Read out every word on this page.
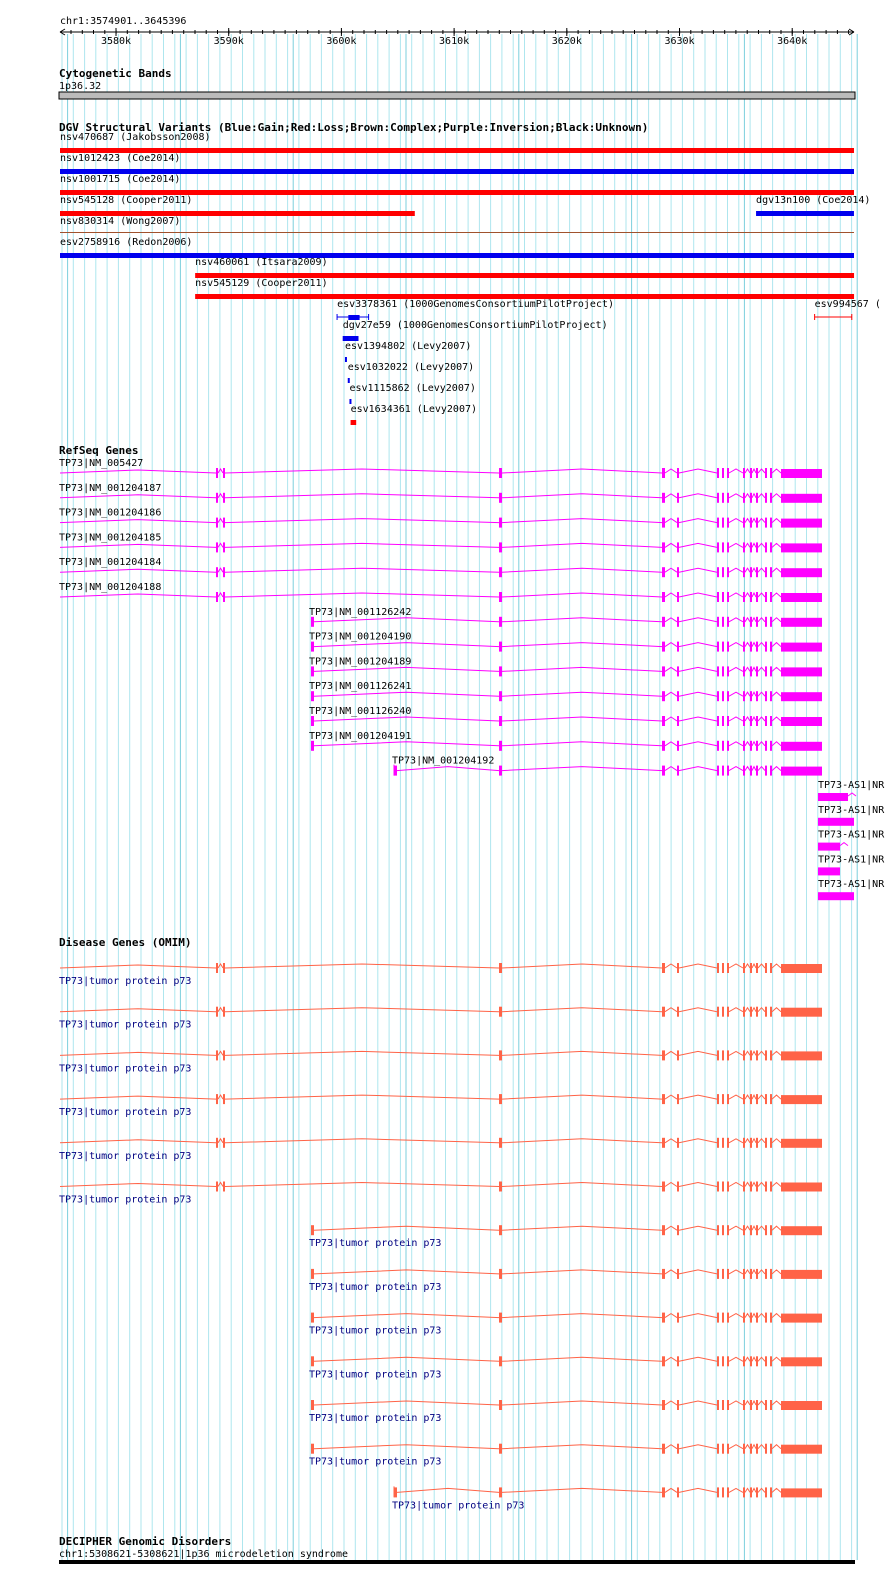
chr1:3574901..3645396
3580k	3590k	3600k	3610k	3620k	3630k	3640k
Cytogenetic Bands
1p36.32
DGV Structural Variants (Blue:Gain;Red:Loss;Brown:Complex;Purple:Inversion;Black:Unknown)
nsv470687 (Jakobsson2008)
nsv1012423 (Coe2014)
nsv1001715 (Coe2014)
nsv545128 (Cooper2011)	dgv13n100 (Coe2014)
nsv830314 (Wong2007)
esv2758916 (Redon2006)
nsv460061 (Itsara2009)
nsv545129 (Cooper2011)
esv3378361 (1000GenomesConsortiumPilotProject)	esv994567 (
dgv27e59 (1000GenomesConsortiumPilotProject)
esv1394802 (Levy2007)
esv1032022 (Levy2007)
esv1115862 (Levy2007)
esv1634361 (Levy2007)
RefSeq Genes
TP73|NM_005427
TP73|NM_001204187
TP73|NM_001204186
TP73|NM_001204185
TP73|NM_001204184
TP73|NM_001204188
TP73|NM_001126242
TP73|NM_001204190
TP73|NM_001204189
TP73|NM_001126241
TP73|NM_001126240
TP73|NM_001204191
TP73|NM_001204192
TP73-AS1|NR
TP73-AS1|NR
TP73-AS1|NR
TP73-AS1|NR
TP73-AS1|NR
Disease Genes (OMIM)
TP73|tumor protein p73
TP73|tumor protein p73
TP73|tumor protein p73
TP73|tumor protein p73
TP73|tumor protein p73
TP73|tumor protein p73
TP73|tumor protein p73
TP73|tumor protein p73
TP73|tumor protein p73
TP73|tumor protein p73
TP73|tumor protein p73
TP73|tumor protein p73
TP73|tumor protein p73
DECIPHER Genomic Disorders
chr1:5308621-5308621|1p36 microdeletion syndrome
